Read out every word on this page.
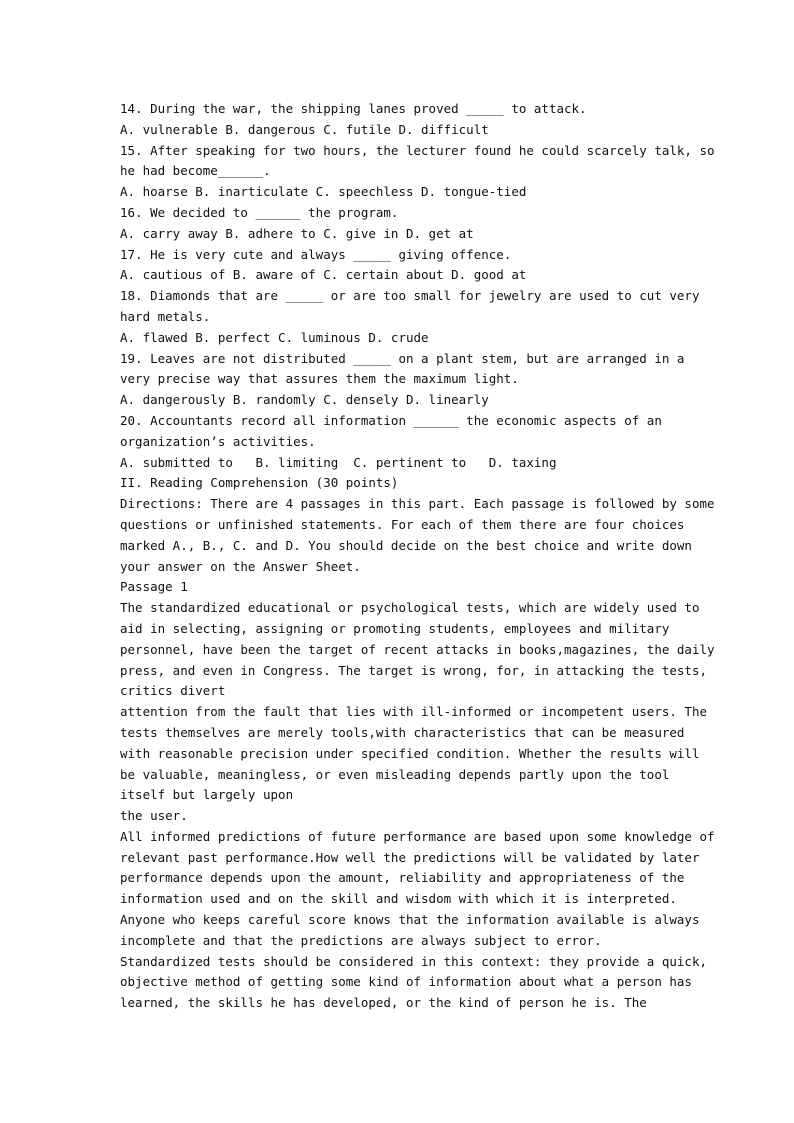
14. During the war, the shipping lanes proved _____ to attack.
A. vulnerable B. dangerous C. futile D. difficult
15. After speaking for two hours, the lecturer found he could scarcely talk, so
he had become______.
A. hoarse B. inarticulate C. speechless D. tongue-tied
16. We decided to ______ the program.
A. carry away B. adhere to C. give in D. get at
17. He is very cute and always _____ giving offence.
A. cautious of B. aware of C. certain about D. good at
18. Diamonds that are _____ or are too small for jewelry are used to cut very
hard metals.
A. flawed B. perfect C. luminous D. crude
19. Leaves are not distributed _____ on a plant stem, but are arranged in a
very precise way that assures them the maximum light.
A. dangerously B. randomly C. densely D. linearly
20. Accountants record all information ______ the economic aspects of an
organization’s activities.
A. submitted to   B. limiting  C. pertinent to   D. taxing
II. Reading Comprehension (30 points)
Directions: There are 4 passages in this part. Each passage is followed by some
questions or unfinished statements. For each of them there are four choices
marked A., B., C. and D. You should decide on the best choice and write down
your answer on the Answer Sheet.
Passage 1
The standardized educational or psychological tests, which are widely used to
aid in selecting, assigning or promoting students, employees and military
personnel, have been the target of recent attacks in books,magazines, the daily
press, and even in Congress. The target is wrong, for, in attacking the tests,
critics divert
attention from the fault that lies with ill-informed or incompetent users. The
tests themselves are merely tools,with characteristics that can be measured
with reasonable precision under specified condition. Whether the results will
be valuable, meaningless, or even misleading depends partly upon the tool
itself but largely upon
the user.
All informed predictions of future performance are based upon some knowledge of
relevant past performance.How well the predictions will be validated by later
performance depends upon the amount, reliability and appropriateness of the
information used and on the skill and wisdom with which it is interpreted.
Anyone who keeps careful score knows that the information available is always
incomplete and that the predictions are always subject to error.
Standardized tests should be considered in this context: they provide a quick,
objective method of getting some kind of information about what a person has
learned, the skills he has developed, or the kind of person he is. The
